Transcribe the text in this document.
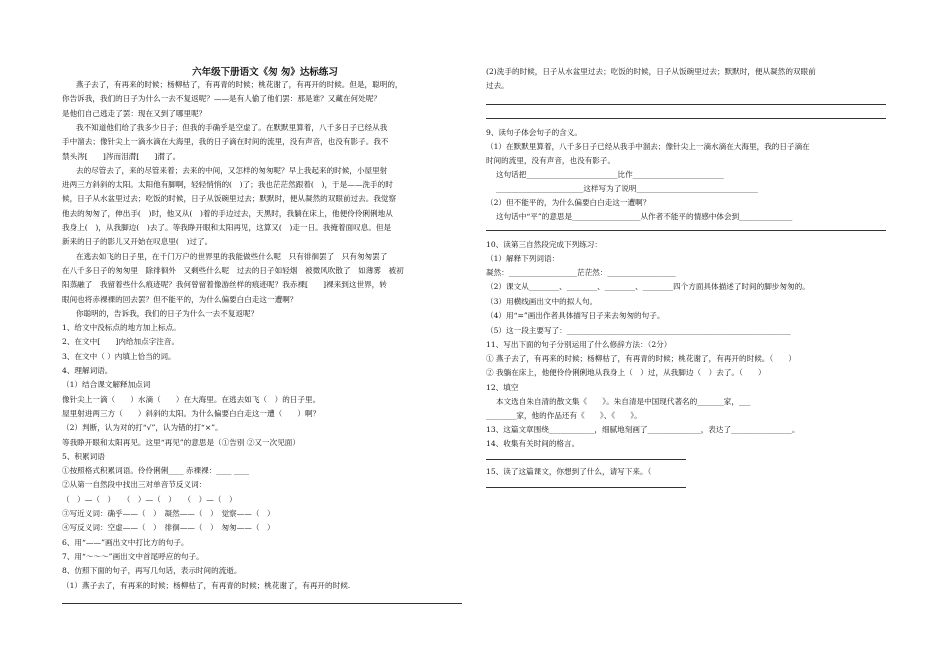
六年级下册语文《匆 匆》达标练习
燕子去了，有再来的时候；杨柳枯了，有再青的时候；桃花谢了，有再开的时候。但是，聪明的，
你告诉我，我们的日子为什么一去不复返呢？——是有人偷了他们罢：那是谁？又藏在何处呢？
是他们自己逃走了罢：现在又到了哪里呢？
我不知道他们给了我多少日子；但我的手确乎是空虚了。在默默里算着，八千多日子已经从我
手中溜去；像针尖上一滴水滴在大海里，我的日子滴在时间的流里，没有声音，也没有影子。我不
禁头涔[　　]涔而泪潸[　　]潸了。
去的尽管去了，来的尽管来着；去来的中间，又怎样的匆匆呢？早上我起来的时候，小屋里射
进两三方斜斜的太阳。太阳他有脚啊，轻轻悄悄的(　)了；我也茫茫然跟着(　)，于是——洗手的时
候，日子从水盆里过去；吃饭的时候，日子从饭碗里过去；默默时，便从凝然的双眼前过去。我觉察
他去的匆匆了，伸出手(　)时，他又从(　)着的手边过去，天黑时，我躺在床上，他便伶伶俐俐地从
我身上(　)，从我脚边(　)去了。等我睁开眼和太阳再见，这算又(　)走一日。我掩着面叹息。但是
新来的日子的影儿又开始在叹息里(　)过了。
在逃去如飞的日子里，在千门万户的世界里的我能做些什么呢　只有徘徊罢了　只有匆匆罢了
在八千多日子的匆匆里　除徘徊外　又剩些什么呢　过去的日子如轻烟　被微风吹散了　如薄雾　被初
阳蒸融了　我留着些什么痕迹呢？我何曾留着像游丝样的痕迹呢？我赤裸[　　]裸来到这世界，转
眼间也将赤裸裸的回去罢？但不能平的，为什么偏要白白走这一遭啊？
你聪明的，告诉我，我们的日子为什么一去不复返呢？
1、给文中没标点的地方加上标点。
2、在文中[　　]内给加点字注音。
3、在文中（ ）内填上恰当的词。
4、理解词语。
（1）结合课文解释加点词
像针尖上一滴（　　）水滴（　　）在大海里。在逃去如飞（　）的日子里。
屋里射进两三方（　　）斜斜的太阳。为什么偏要白白走这一遭（　　）啊？
（2）判断，认为对的打“√”，认为错的打“×”。
等我睁开眼和太阳再见。这里“再见”的意思是（①告别 ②又一次见面）
5、积累词语
①按照格式积累词语。伶伶俐俐____ 赤裸裸：____ ____
②从第一自然段中找出三对单音节反义词：
（　）—（　）　　（　）—（　）　　（　）—（　）
③写近义词：确乎——（　）　凝然——（　）　觉察——（　）
④写反义词：空虚——（　）　徘徊——（　）　匆匆——（　）
6、用“——”画出文中打比方的句子。
7、用“～～～”画出文中首尾呼应的句子。
8、仿照下面的句子，再写几句话，表示时间的流逝。
（1）燕子去了，有再来的时候；杨柳枯了，有再青的时候；桃花谢了，有再开的时候.
(2)洗手的时候，日子从水盆里过去；吃饭的时候，日子从饭碗里过去；默默时，便从凝然的双眼前
过去。
9、读句子体会句子的含义。
（1）在默默里算着，八千多日子已经从我手中溜去；像针尖上一滴水滴在大海里，我的日子滴在
时间的流里，没有声音，也没有影子。
这句话把________________________比作________________________
_______________________这样写为了说明________________________________
（2）但不能平的，为什么偏要白白走这一遭啊？
这句话中“平”的意思是__________________从作者不能平的情感中体会到______________
10、读第三自然段完成下列练习：
（1）解释下列词语：
凝然：__________________茫茫然：__________________
（2）课文从________、________、________、________四个方面具体描述了时间的脚步匆匆的。
（3）用横线画出文中的拟人句。
（4）用“=”画出作者具体描写日子来去匆匆的句子。
（5）这一段主要写了：___________________________________________________________
11、写出下面的句子分别运用了什么修辞方法：（2分）
① 燕子去了，有再来的时候；杨柳枯了，有再青的时候；桃花谢了，有再开的时候。（　　）
② 我躺在床上，他便伶伶俐俐地从我身上（　）过，从我脚边（　）去了。（　　）
12、填空
本文选自朱自清的散文集《　　》。朱自清是中国现代著名的_______家，___
________家，他的作品还有《　　》、《　　》。
13、这篇文章围绕____________，细腻地刻画了______________，表达了________________。
14、收集有关时间的格言。
15、读了这篇课文，你想到了什么，请写下来。（
